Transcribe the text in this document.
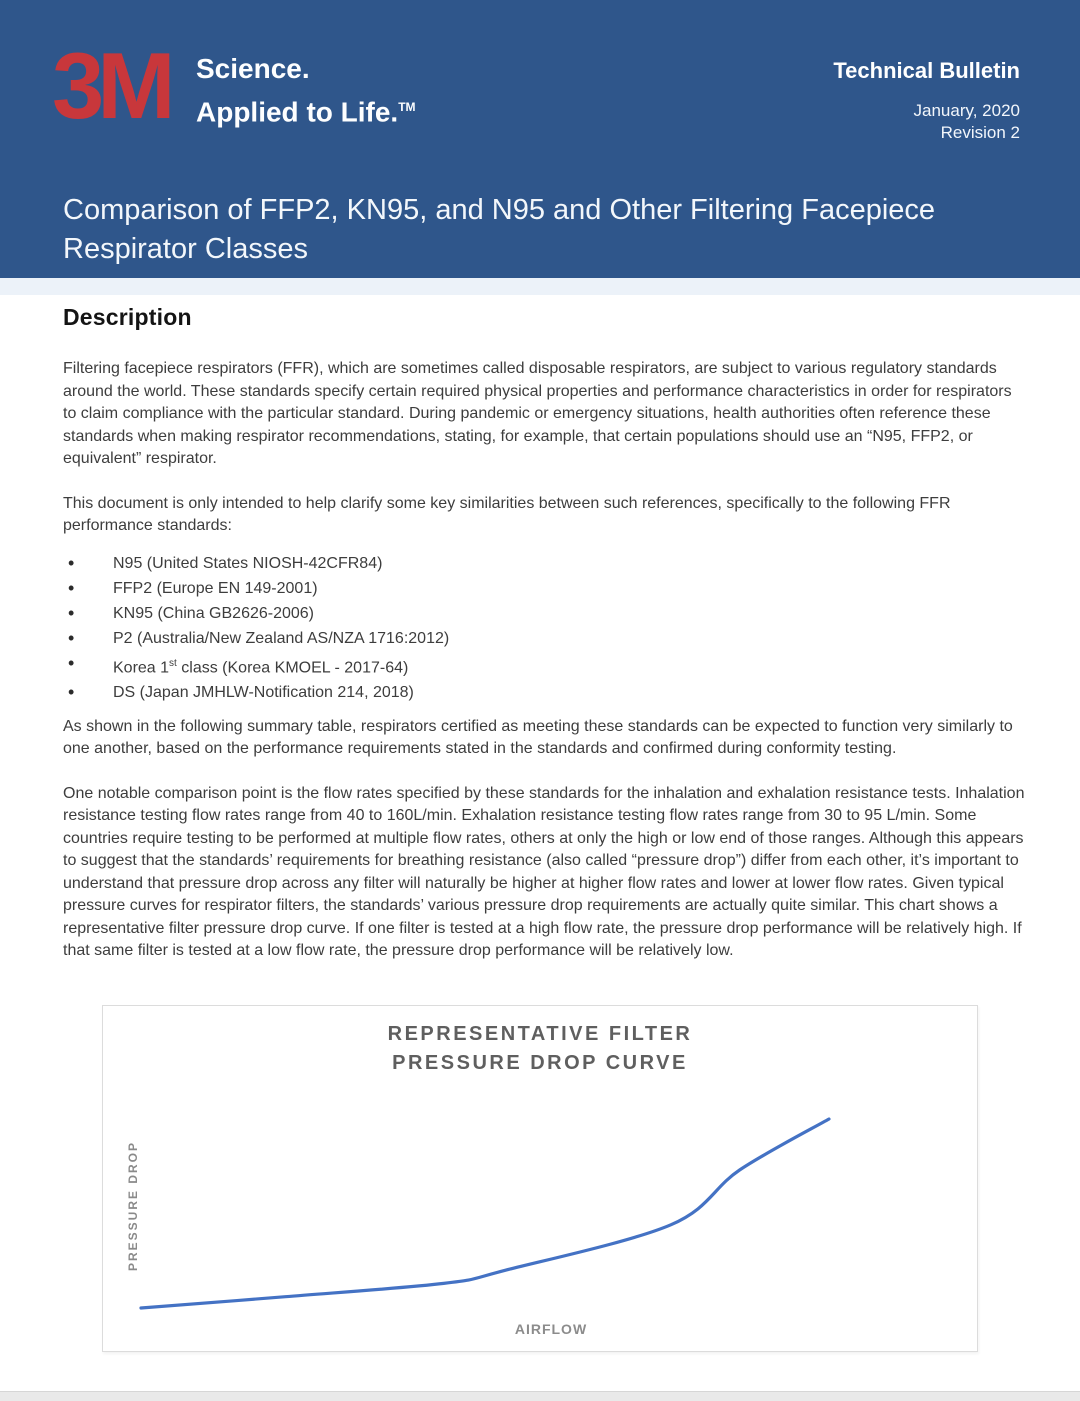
3M Science.
Applied to Life.™
Technical Bulletin
January, 2020
Revision 2
Comparison of FFP2, KN95, and N95 and Other Filtering Facepiece
Respirator Classes
Description

Filtering facepiece respirators (FFR), which are sometimes called disposable respirators, are subject to various regulatory standards around the world. These standards specify certain required physical properties and performance characteristics in order for respirators to claim compliance with the particular standard. During pandemic or emergency situations, health authorities often reference these standards when making respirator recommendations, stating, for example, that certain populations should use an “N95, FFP2, or equivalent” respirator.

This document is only intended to help clarify some key similarities between such references, specifically to the following FFR performance standards:

• N95 (United States NIOSH-42CFR84)
• FFP2 (Europe EN 149-2001)
• KN95 (China GB2626-2006)
• P2 (Australia/New Zealand AS/NZA 1716:2012)
• Korea 1st class (Korea KMOEL - 2017-64)
• DS (Japan JMHLW-Notification 214, 2018)

As shown in the following summary table, respirators certified as meeting these standards can be expected to function very similarly to one another, based on the performance requirements stated in the standards and confirmed during conformity testing.

One notable comparison point is the flow rates specified by these standards for the inhalation and exhalation resistance tests. Inhalation resistance testing flow rates range from 40 to 160L/min. Exhalation resistance testing flow rates range from 30 to 95 L/min. Some countries require testing to be performed at multiple flow rates, others at only the high or low end of those ranges. Although this appears to suggest that the standards’ requirements for breathing resistance (also called “pressure drop”) differ from each other, it’s important to understand that pressure drop across any filter will naturally be higher at higher flow rates and lower at lower flow rates. Given typical pressure curves for respirator filters, the standards’ various pressure drop requirements are actually quite similar. This chart shows a representative filter pressure drop curve. If one filter is tested at a high flow rate, the pressure drop performance will be relatively high. If that same filter is tested at a low flow rate, the pressure drop performance will be relatively low.

REPRESENTATIVE FILTER
PRESSURE DROP CURVE
PRESSURE DROP
AIRFLOW
